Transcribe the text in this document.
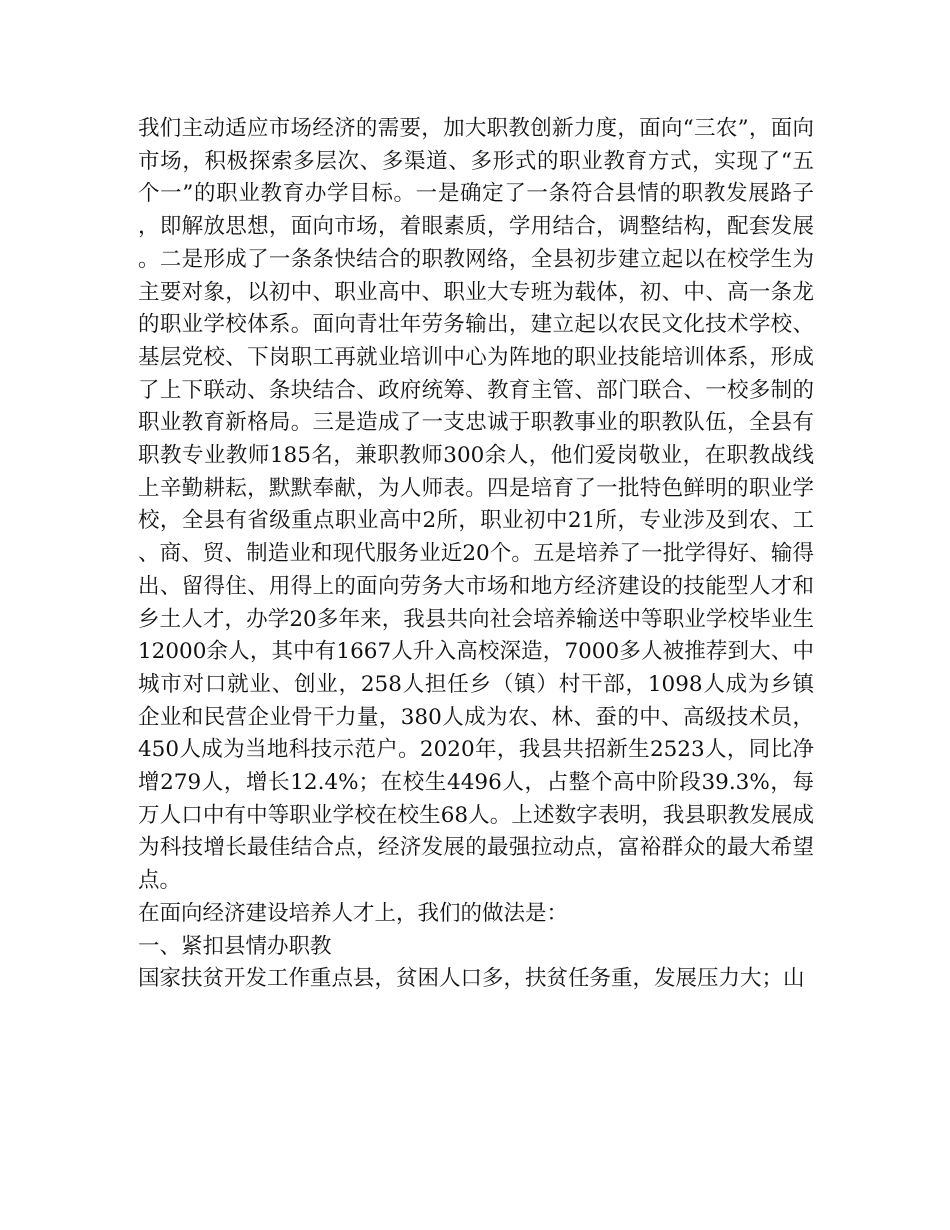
我们主动适应市场经济的需要，加大职教创新力度，面向“三农”，面向市场，积极探索多层次、多渠道、多形式的职业教育方式，实现了“五个一”的职业教育办学目标。一是确定了一条符合县情的职教发展路子，即解放思想，面向市场，着眼素质，学用结合，调整结构，配套发展。二是形成了一条条快结合的职教网络，全县初步建立起以在校学生为主要对象，以初中、职业高中、职业大专班为载体，初、中、高一条龙的职业学校体系。面向青壮年劳务输出，建立起以农民文化技术学校、基层党校、下岗职工再就业培训中心为阵地的职业技能培训体系，形成了上下联动、条块结合、政府统筹、教育主管、部门联合、一校多制的职业教育新格局。三是造成了一支忠诚于职教事业的职教队伍，全县有职教专业教师185名，兼职教师300余人，他们爱岗敬业，在职教战线上辛勤耕耘，默默奉献，为人师表。四是培育了一批特色鲜明的职业学校，全县有省级重点职业高中2所，职业初中21所，专业涉及到农、工、商、贸、制造业和现代服务业近20个。五是培养了一批学得好、输得出、留得住、用得上的面向劳务大市场和地方经济建设的技能型人才和乡土人才，办学20多年来，我县共向社会培养输送中等职业学校毕业生12000余人，其中有1667人升入高校深造，7000多人被推荐到大、中城市对口就业、创业，258人担任乡（镇）村干部，1098人成为乡镇企业和民营企业骨干力量，380人成为农、林、蚕的中、高级技术员，450人成为当地科技示范户。2020年，我县共招新生2523人，同比净增279人，增长12.4%；在校生4496人，占整个高中阶段39.3%，每万人口中有中等职业学校在校生68人。上述数字表明，我县职教发展成为科技增长最佳结合点，经济发展的最强拉动点，富裕群众的最大希望点。

在面向经济建设培养人才上，我们的做法是：

一、紧扣县情办职教

国家扶贫开发工作重点县，贫困人口多，扶贫任务重，发展压力大；山
